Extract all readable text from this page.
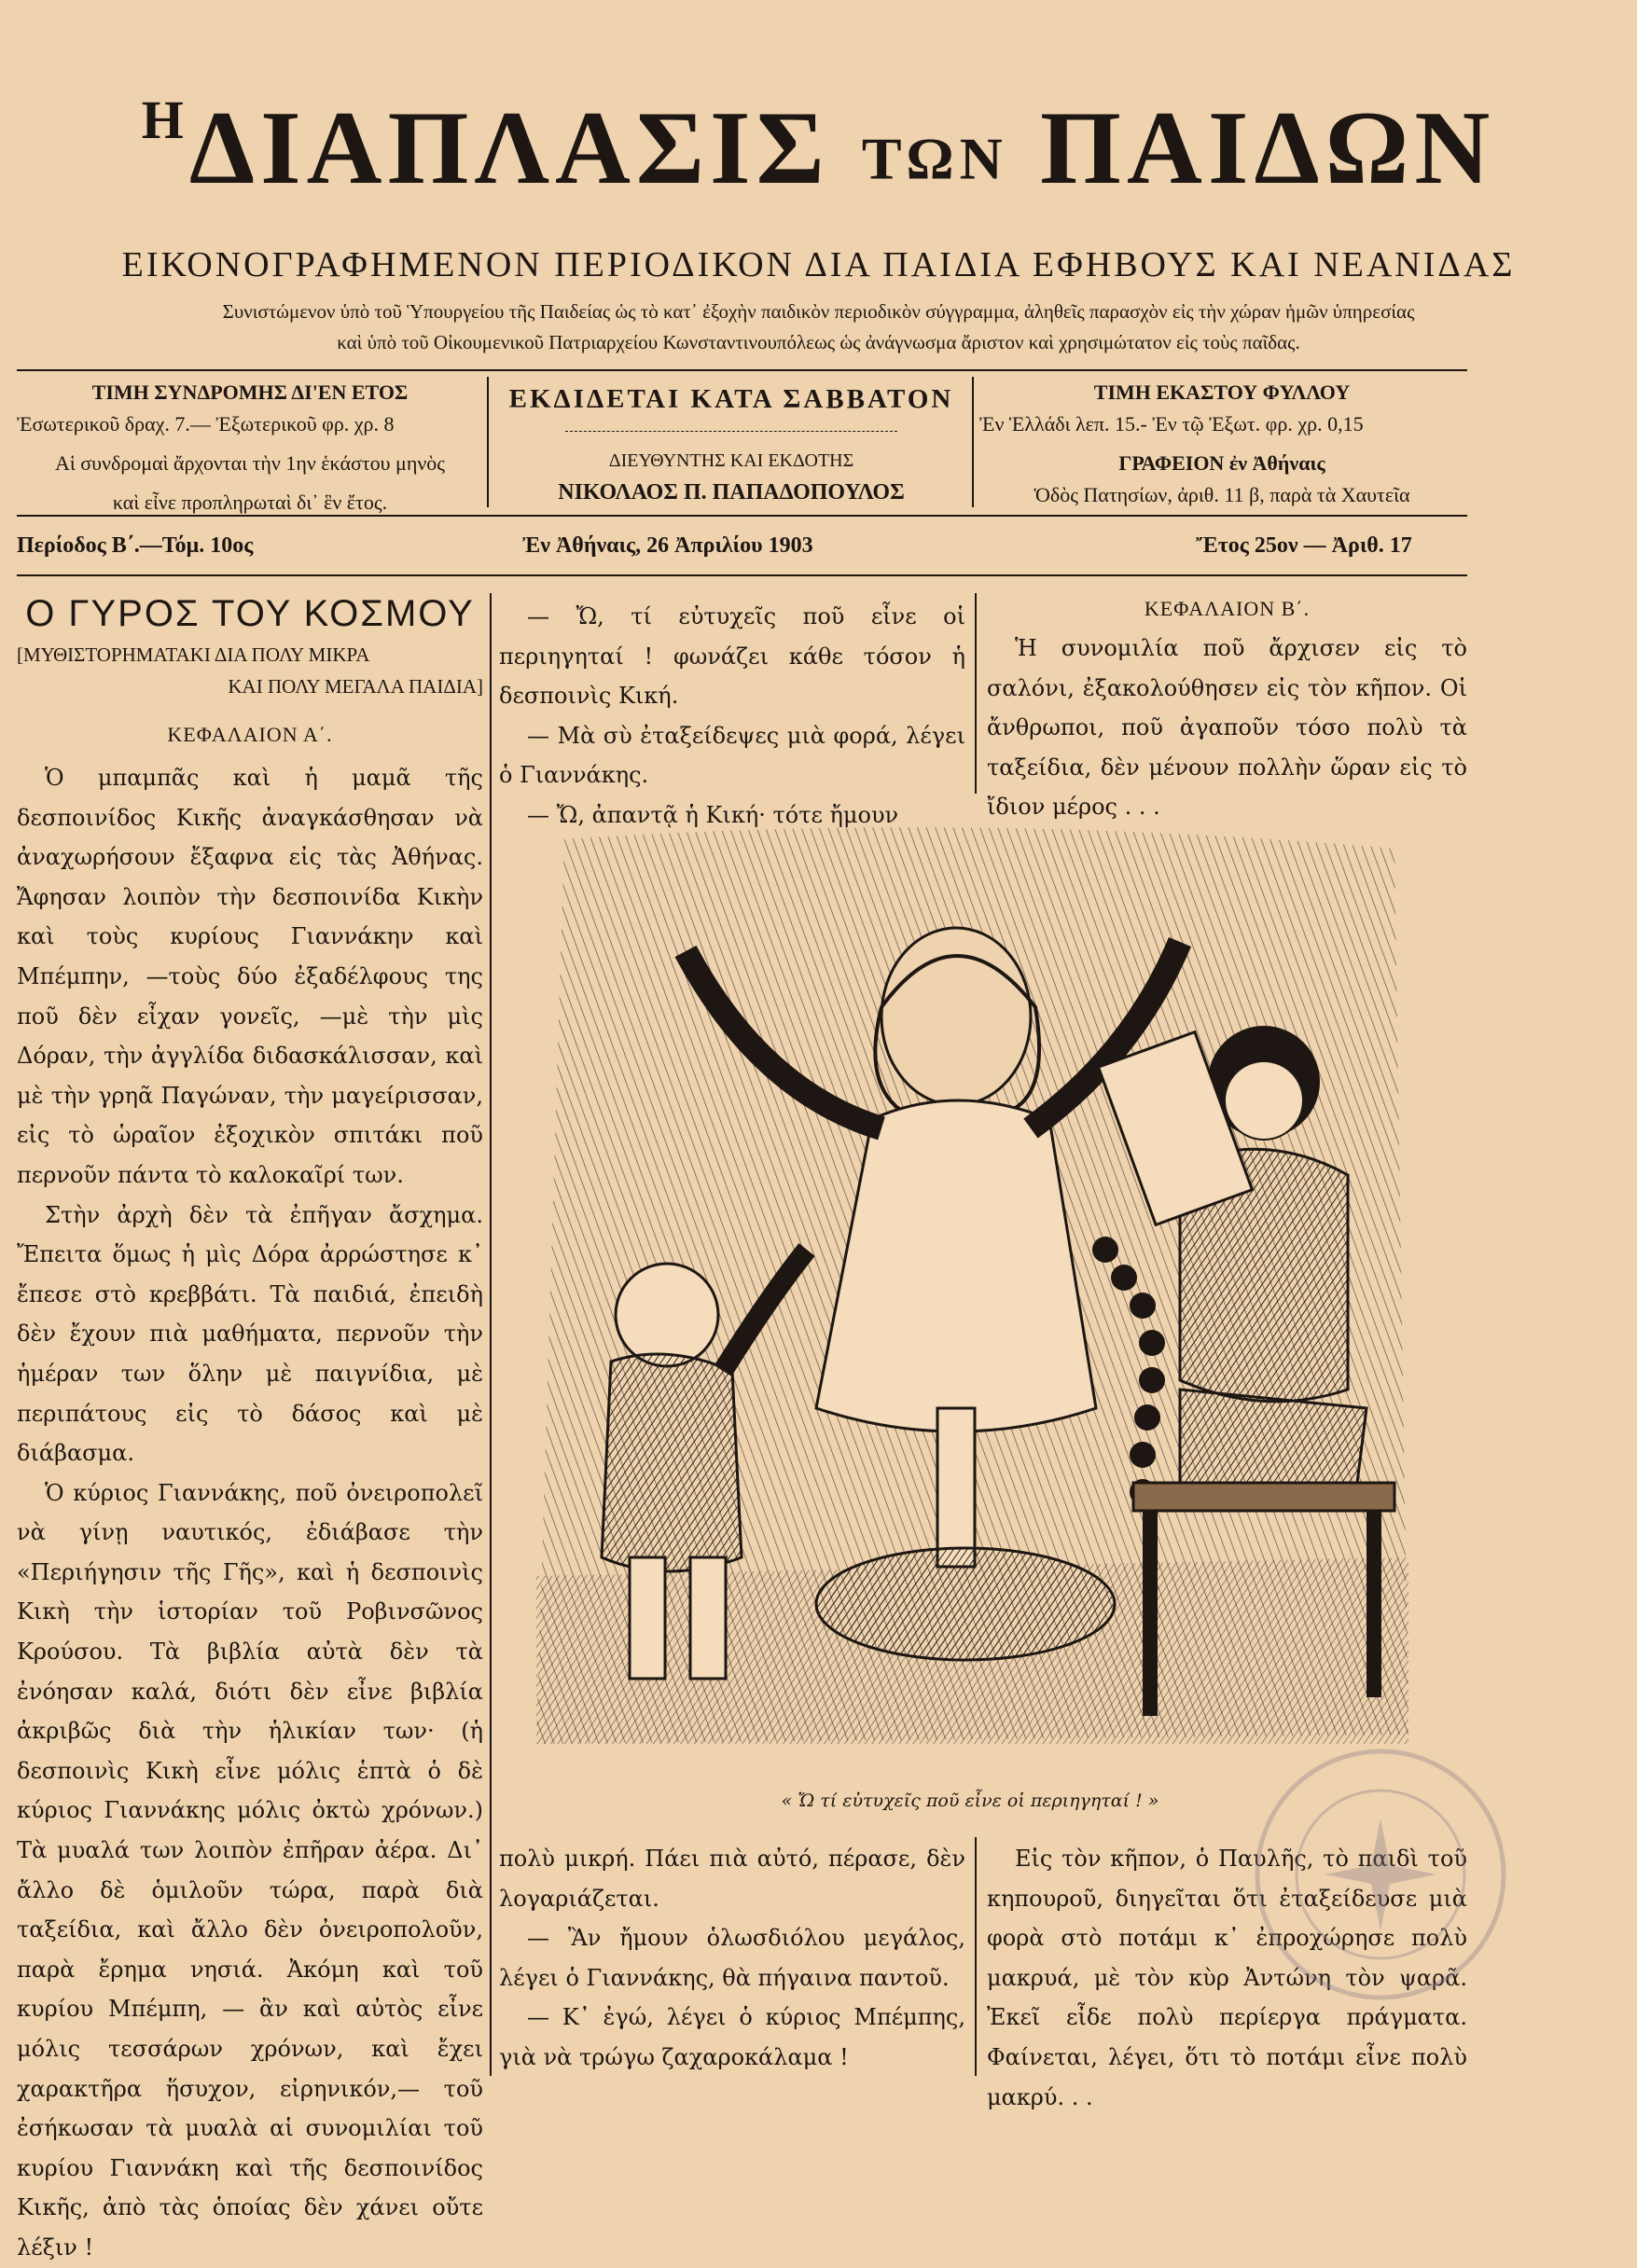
$^H$ΔΙΑΠΛΑΣΙΣ ΤΩΝ ΠΑΙΔΩΝ
ΕΙΚΟΝΟΓΡΑΦΗΜΕΝΟΝ ΠΕΡΙΟΔΙΚΟΝ ΔΙΑ ΠΑΙΔΙΑ ΕΦΗΒΟΥΣ ΚΑΙ ΝΕΑΝΙΔΑΣ
Συνιστώμενον ὑπὸ τοῦ Ὑπουργείου τῆς Παιδείας ὡς τὸ κατ᾽ ἐξοχὴν παιδικὸν περιοδικὸν σύγγραμμα, ἀληθεῖς παρασχὸν εἰς τὴν χώραν ἡμῶν ὑπηρεσίας
καὶ ὑπὸ τοῦ Οἰκουμενικοῦ Πατριαρχείου Κωνσταντινουπόλεως ὡς ἀνάγνωσμα ἄριστον καὶ χρησιμώτατον εἰς τοὺς παῖδας.
ΤΙΜΗ ΣΥΝΔΡΟΜΗΣ ΔΙ'ΕΝ ΕΤΟΣ
Ἐσωτερικοῦ δραχ. 7.— Ἐξωτερικοῦ φρ. χρ. 8
Αἱ συνδρομαὶ ἄρχονται τὴν 1ην ἑκάστου μηνὸς
καὶ εἶνε προπληρωταὶ δι᾽ ἓν ἔτος.
ΕΚΔΙΔΕΤΑΙ ΚΑΤΑ ΣΑΒΒΑΤΟΝ
ΔΙΕΥΘΥΝΤΗΣ ΚΑΙ ΕΚΔΟΤΗΣ
ΝΙΚΟΛΑΟΣ Π. ΠΑΠΑΔΟΠΟΥΛΟΣ
ΤΙΜΗ ΕΚΑΣΤΟΥ ΦΥΛΛΟΥ
Ἐν Ἑλλάδι λεπ. 15.- Ἐν τῷ Ἐξωτ. φρ. χρ. 0,15
ΓΡΑΦΕΙΟΝ ἐν Ἀθήναις
Ὁδὸς Πατησίων, ἀριθ. 11 β, παρὰ τὰ Χαυτεῖα
Περίοδος Β΄.—Τόμ. 10ος	Ἐν Ἀθήναις, 26 Ἀπριλίου 1903	Ἔτος 25ον — Ἀριθ. 17
Ο ΓΥΡΟΣ ΤΟΥ ΚΟΣΜΟΥ
[ΜΥΘΙΣΤΟΡΗΜΑΤΑΚΙ ΔΙΑ ΠΟΛΥ ΜΙΚΡΑ
ΚΑΙ ΠΟΛΥ ΜΕΓΑΛΑ ΠΑΙΔΙΑ]
ΚΕΦΑΛΑΙΟΝ Α΄.

Ὁ μπαμπᾶς καὶ ἡ μαμᾶ τῆς δεσποινίδος Κικῆς ἀναγκάσθησαν νὰ ἀναχωρήσουν ἔξαφνα εἰς τὰς Ἀθήνας. Ἄφησαν λοιπὸν τὴν δεσποινίδα Κικὴν καὶ τοὺς κυρίους Γιαννάκην καὶ Μπέμπην, —τοὺς δύο ἐξαδέλφους της ποῦ δὲν εἶχαν γονεῖς, —μὲ τὴν μὶς Δόραν, τὴν ἀγγλίδα διδασκάλισσαν, καὶ μὲ τὴν γρηᾶ Παγώναν, τὴν μαγείρισσαν, εἰς τὸ ὡραῖον ἐξοχικὸν σπιτάκι ποῦ περνοῦν πάντα τὸ καλοκαῖρί των.

Στὴν ἀρχὴ δὲν τὰ ἐπῆγαν ἄσχημα. Ἔπειτα ὅμως ἡ μὶς Δόρα ἀρρώστησε κ᾽ ἔπεσε στὸ κρεββάτι. Τὰ παιδιά, ἐπειδὴ δὲν ἔχουν πιὰ μαθήματα, περνοῦν τὴν ἡμέραν των ὅλην μὲ παιγνίδια, μὲ περιπάτους εἰς τὸ δάσος καὶ μὲ διάβασμα.

Ὁ κύριος Γιαννάκης, ποῦ ὀνειροπολεῖ νὰ γίνῃ ναυτικός, ἐδιάβασε τὴν «Περιήγησιν τῆς Γῆς», καὶ ἡ δεσποινὶς Κικὴ τὴν ἱστορίαν τοῦ Ροβινσῶνος Κρούσου. Τὰ βιβλία αὐτὰ δὲν τὰ ἐνόησαν καλά, διότι δὲν εἶνε βιβλία ἀκριβῶς διὰ τὴν ἡλικίαν των· (ἡ δεσποινὶς Κικὴ εἶνε μόλις ἑπτὰ ὁ δὲ κύριος Γιαννάκης μόλις ὀκτὼ χρόνων.) Τὰ μυαλά των λοιπὸν ἐπῆραν ἀέρα. Δι᾽ ἄλλο δὲ ὁμιλοῦν τώρα, παρὰ διὰ ταξείδια, καὶ ἄλλο δὲν ὀνειροπολοῦν, παρὰ ἔρημα νησιά. Ἀκόμη καὶ τοῦ κυρίου Μπέμπη, — ἂν καὶ αὐτὸς εἶνε μόλις τεσσάρων χρόνων, καὶ ἔχει χαρακτῆρα ἥσυχον, εἰρηνικόν,— τοῦ ἐσήκωσαν τὰ μυαλὰ αἱ συνομιλίαι τοῦ κυρίου Γιαννάκη καὶ τῆς δεσποινίδος Κικῆς, ἀπὸ τὰς ὁποίας δὲν χάνει οὔτε λέξιν !

— Ὤ, τί εὐτυχεῖς ποῦ εἶνε οἱ περιηγηταί ! φωνάζει κάθε τόσον ἡ δεσποινὶς Κική.

— Μὰ σὺ ἐταξείδεψες μιὰ φορά, λέγει ὁ Γιαννάκης.

— Ὤ, ἀπαντᾷ ἡ Κική· τότε ἤμουν

ΚΕΦΑΛΑΙΟΝ Β΄.

Ἡ συνομιλία ποῦ ἄρχισεν εἰς τὸ σαλόνι, ἐξακολούθησεν εἰς τὸν κῆπον. Οἱ ἄνθρωποι, ποῦ ἀγαποῦν τόσο πολὺ τὰ ταξείδια, δὲν μένουν πολλὴν ὥραν εἰς τὸ ἴδιον μέρος . . .

« Ὤ τί εὐτυχεῖς ποῦ εἶνε οἱ περιηγηταί ! »

πολὺ μικρή. Πάει πιὰ αὐτό, πέρασε, δὲν λογαριάζεται.

— Ἂν ἤμουν ὁλωσδιόλου μεγάλος, λέγει ὁ Γιαννάκης, θὰ πήγαινα παντοῦ.

— Κ᾽ ἐγώ, λέγει ὁ κύριος Μπέμπης, γιὰ νὰ τρώγω ζαχαροκάλαμα !

Εἰς τὸν κῆπον, ὁ Παυλῆς, τὸ παιδὶ τοῦ κηπουροῦ, διηγεῖται ὅτι ἐταξείδευσε μιὰ φορὰ στὸ ποτάμι κ᾽ ἐπροχώρησε πολὺ μακρυά, μὲ τὸν κὺρ Ἀντώνη τὸν ψαρᾶ. Ἐκεῖ εἶδε πολὺ περίεργα πράγματα. Φαίνεται, λέγει, ὅτι τὸ ποτάμι εἶνε πολὺ μακρύ. . .
